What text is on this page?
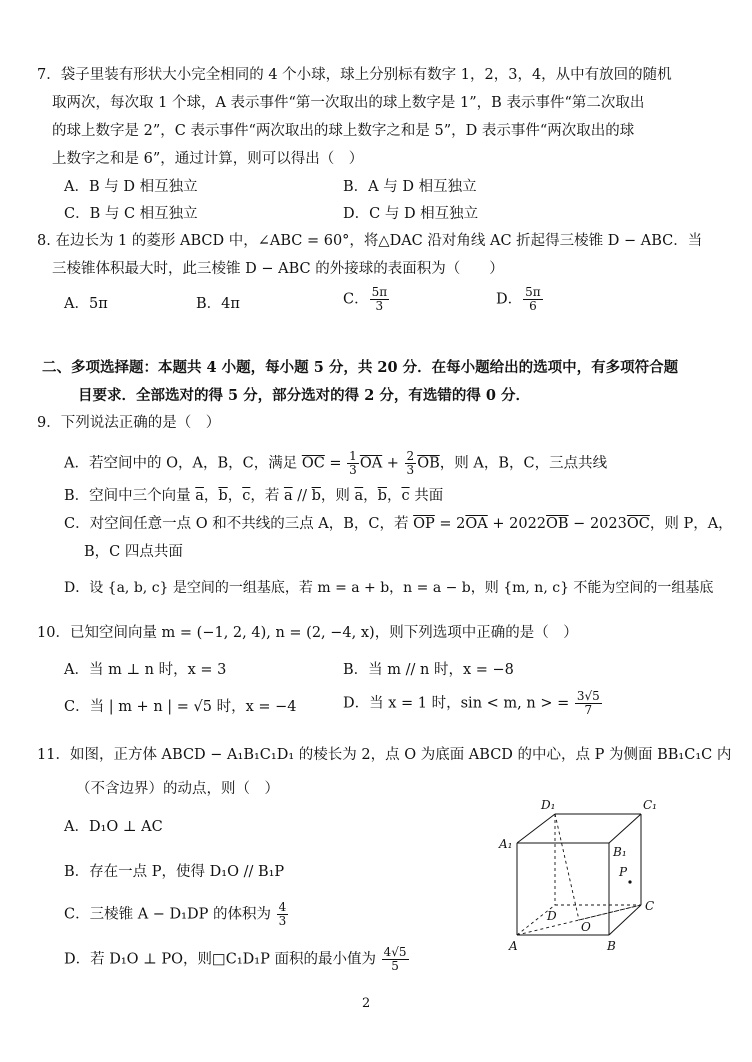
7．袋子里装有形状大小完全相同的 4 个小球，球上分别标有数字 1，2，3，4，从中有放回的随机
取两次，每次取 1 个球，A 表示事件“第一次取出的球上数字是 1”，B 表示事件“第二次取出
的球上数字是 2”，C 表示事件“两次取出的球上数字之和是 5”，D 表示事件“两次取出的球
上数字之和是 6”，通过计算，则可以得出（　）
A．B 与 D 相互独立	B．A 与 D 相互独立
C．B 与 C 相互独立	D．C 与 D 相互独立
8. 在边长为 1 的菱形 ABCD 中，∠ABC = 60°，将△DAC 沿对角线 AC 折起得三棱锥 D − ABC．当
三棱锥体积最大时，此三棱锥 D − ABC 的外接球的表面积为（　　）
A．5π	B．4π	C． $\frac{5\pi}{3}$	D． $\frac{5\pi}{6}$
二、多项选择题：本题共 4 小题，每小题 5 分，共 20 分．在每小题给出的选项中，有多项符合题
目要求．全部选对的得 5 分，部分选对的得 2 分，有选错的得 0 分．
9．下列说法正确的是（　）
A．若空间中的 O，A，B，C，满足 $\overline{OC} = \frac{1}{3} \overline{OA} + \frac{2}{3} \overline{OB}$，则 A，B，C，三点共线
B．空间中三个向量 $\overline{a}$，$\overline{b}$，$\overline{c}$，若 $\overline{a} // \overline{b}$，则 $\overline{a}$，$\overline{b}$，$\overline{c}$ 共面
C．对空间任意一点 O 和不共线的三点 A，B，C，若 $\overline{OP} = 2\overline{OA} + 2022\overline{OB} - 2023\overline{OC}$，则 P，A，
B，C 四点共面
D．设 {a, b, c} 是空间的一组基底，若 m = a + b，n = a − b，则 {m, n, c} 不能为空间的一组基底
10．已知空间向量 m = (−1, 2, 4), n = (2, −4, x)，则下列选项中正确的是（　）
A．当 m ⊥ n 时，x = 3	B．当 m // n 时，x = −8
C．当 | m + n | = √5 时，x = −4	D．当 x = 1 时，sin < m, n > = $\frac{3√5}{7}$
11．如图，正方体 ABCD − A₁B₁C₁D₁ 的棱长为 2，点 O 为底面 ABCD 的中心，点 P 为侧面 BB₁C₁C 内
（不含边界）的动点，则（　）
A．D₁O ⊥ AC
B．存在一点 P，使得 D₁O // B₁P
C．三棱锥 A − D₁DP 的体积为 $\frac{4}{3}$
D．若 D₁O ⊥ PO，则□C₁D₁P 面积的最小值为 $\frac{4√5}{5}$
D₁	C₁
A₁
B₁
P
D
O
C
A	B
2
